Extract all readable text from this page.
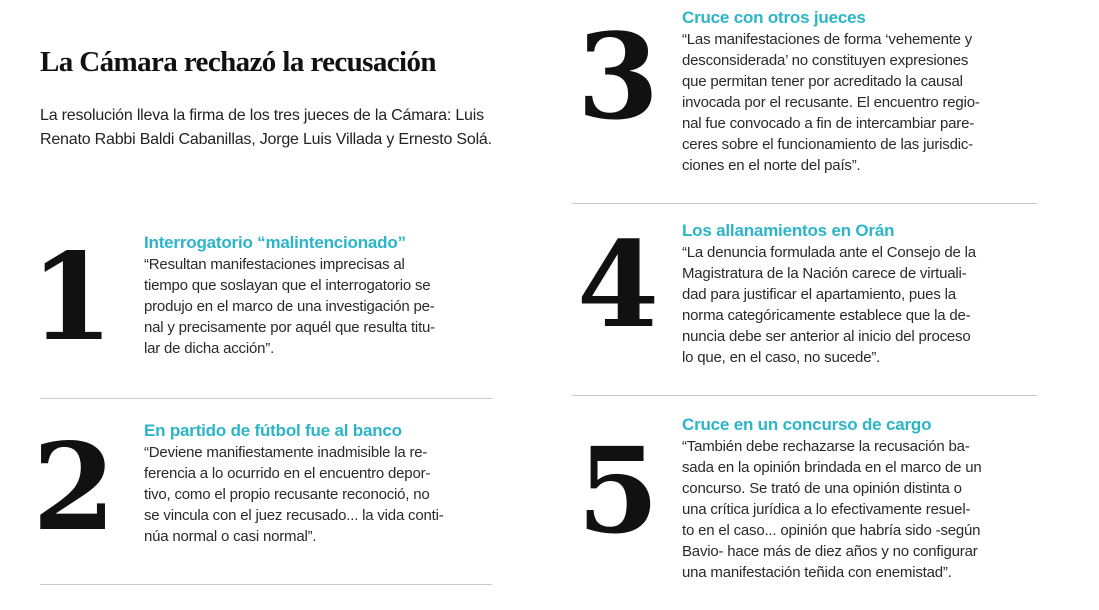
La Cámara rechazó la recusación

La resolución lleva la firma de los tres jueces de la Cámara: Luis Renato Rabbi Baldi Cabanillas, Jorge Luis Villada y Ernesto Solá.

1 Interrogatorio “malintencionado”

“Resultan manifestaciones imprecisas al
tiempo que soslayan que el interrogatorio se
produjo en el marco de una investigación pe-
nal y precisamente por aquél que resulta titu-
lar de dicha acción”.

2 En partido de fútbol fue al banco

“Deviene manifiestamente inadmisible la re-
ferencia a lo ocurrido en el encuentro depor-
tivo, como el propio recusante reconoció, no
se vincula con el juez recusado... la vida conti-
núa normal o casi normal”.

3 Cruce con otros jueces

“Las manifestaciones de forma ‘vehemente y
desconsiderada’ no constituyen expresiones
que permitan tener por acreditado la causal
invocada por el recusante. El encuentro regio-
nal fue convocado a fin de intercambiar pare-
ceres sobre el funcionamiento de las jurisdic-
ciones en el norte del país”.

4 Los allanamientos en Orán

“La denuncia formulada ante el Consejo de la
Magistratura de la Nación carece de virtuali-
dad para justificar el apartamiento, pues la
norma categóricamente establece que la de-
nuncia debe ser anterior al inicio del proceso
lo que, en el caso, no sucede”.

5 Cruce en un concurso de cargo

“También debe rechazarse la recusación ba-
sada en la opinión brindada en el marco de un
concurso. Se trató de una opinión distinta o
una crítica jurídica a lo efectivamente resuel-
to en el caso... opinión que habría sido -según
Bavio- hace más de diez años y no configurar
una manifestación teñida con enemistad”.
